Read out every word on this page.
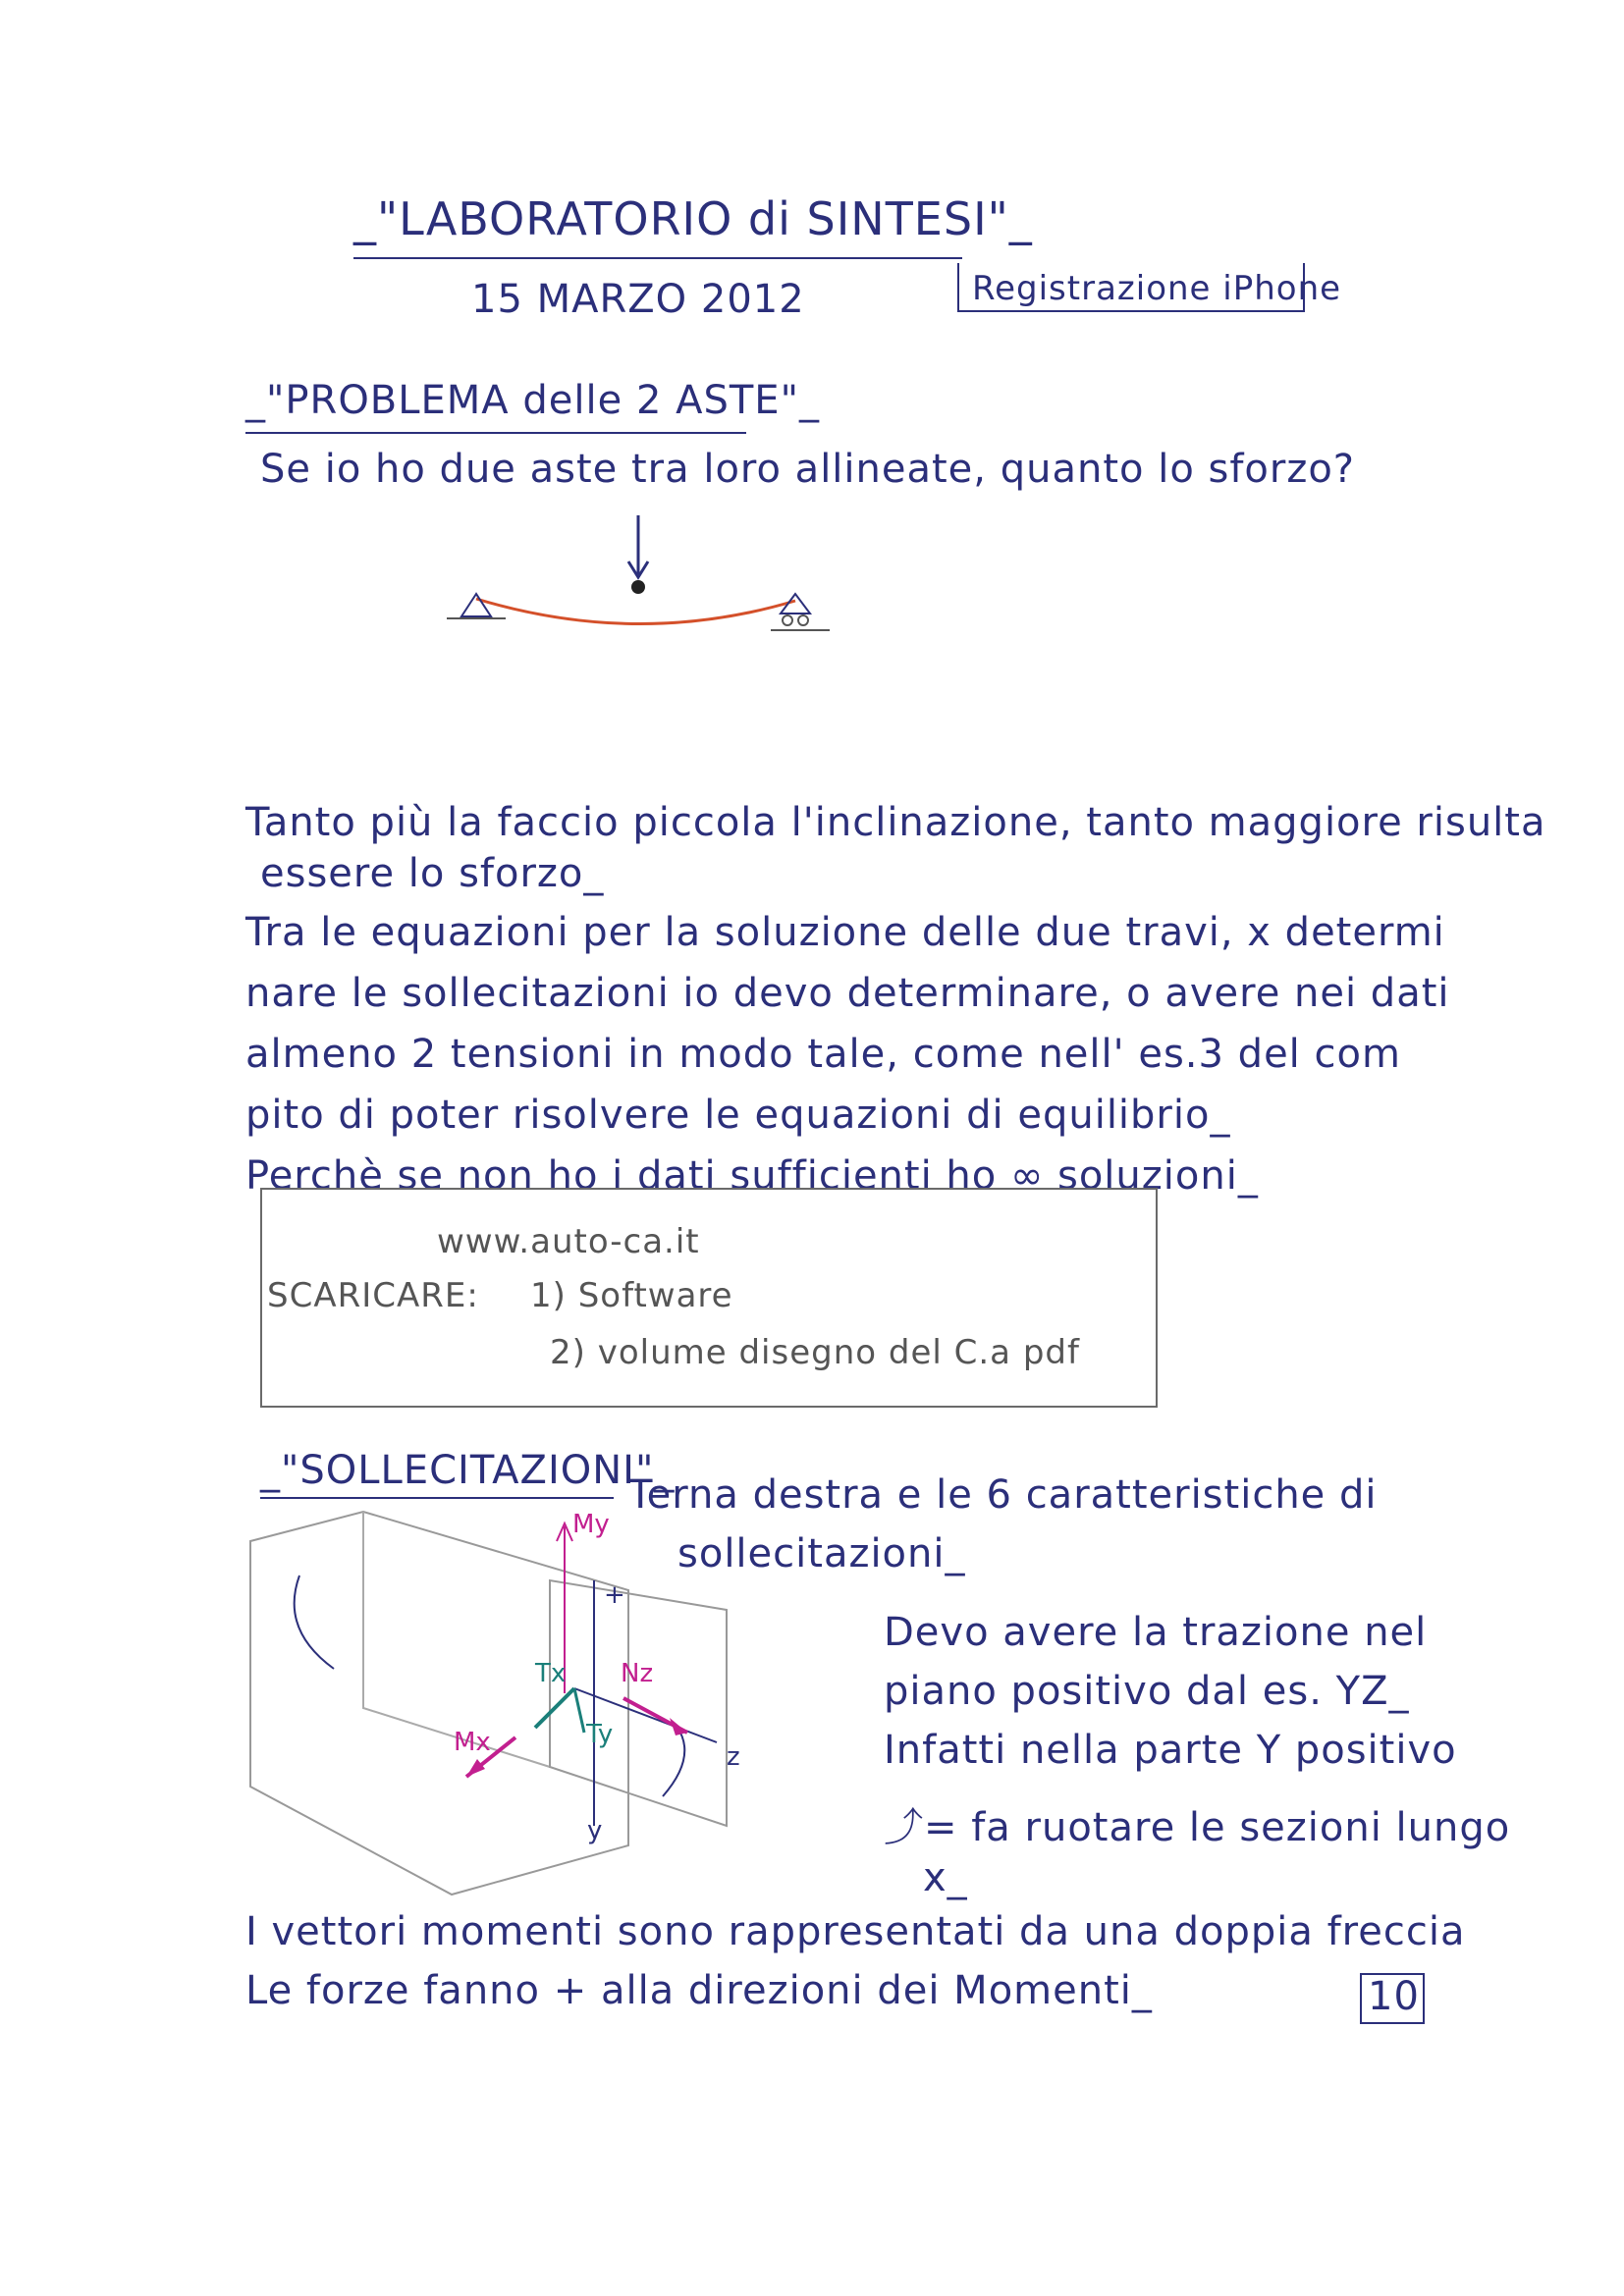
_"LABORATORIO di SINTESI"_
15 MARZO 2012	Registrazione iPhone
_"PROBLEMA delle 2 ASTE"_
Se io ho due aste tra loro allineate, quanto lo sforzo?
Tanto più la faccio piccola l'inclinazione, tanto maggiore risulta
essere lo sforzo_
Tra le equazioni per la soluzione delle due travi, x determi
nare le sollecitazioni io devo determinare, o avere nei dati
almeno 2 tensioni in modo tale, come nell' es.3 del com
pito di poter risolvere le equazioni di equilibrio_
Perchè se non ho i dati sufficienti ho ∞ soluzioni_
www.auto-ca.it
SCARICARE: 1) Software
2) volume disegno del C.a pdf
_"SOLLECITAZIONI"_
Terna destra e le 6 caratteristiche di
sollecitazioni_
Devo avere la trazione nel
piano positivo dal es. YZ_
Infatti nella parte Y positivo
⤴= fa ruotare le sezioni lungo
x_
My
+
Tx Nz
Ty
Mx	z
y
I vettori momenti sono rappresentati da una doppia freccia
Le forze fanno + alla direzioni dei Momenti_	10
